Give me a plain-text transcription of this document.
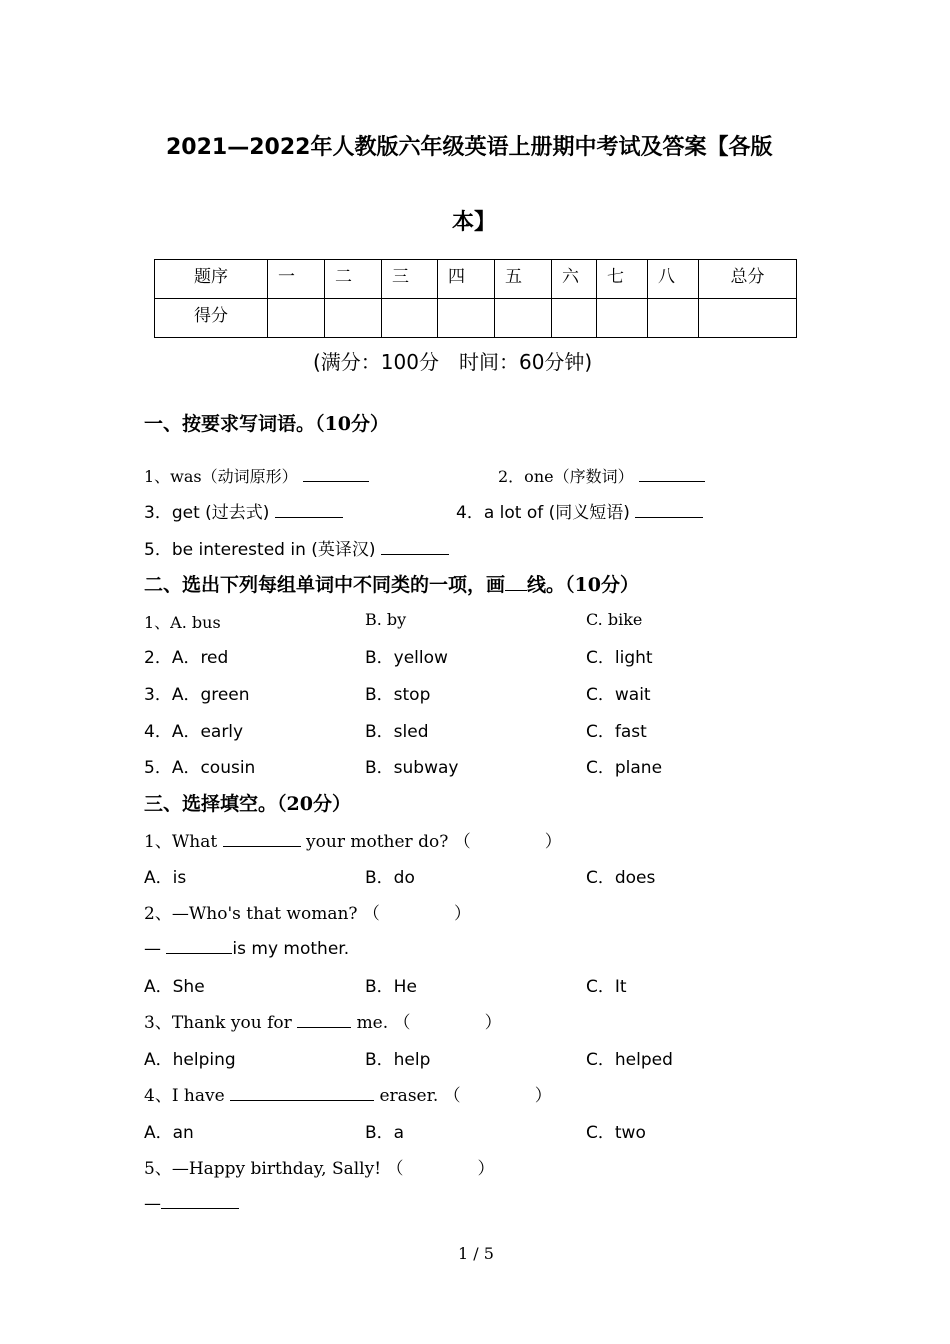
2021—2022年人教版六年级英语上册期中考试及答案【各版
本】
题序	一	二	三	四	五	六	七	八	总分
得分									
(满分：100分　时间：60分钟)
一、按要求写词语。（10分）
1、was（动词原形）	2．one（序数词）
3．get (过去式)	4．a lot of (同义短语)
5．be interested in (英译汉)
二、选出下列每组单词中不同类的一项，画 线。（10分）
1、A. bus	B. by	C. bike
2．A．red	B．yellow	C．light
3．A．green	B．stop	C．wait
4．A．early	B．sled	C．fast
5．A．cousin	B．subway	C．plane
三、选择填空。（20分）
1、What	your mother do? （	）
A．is	B．do	C．does
2、—Who's that woman? （	）
—	is my mother.
A．She	B．He	C．It
3、Thank you for	me. （	）
A．helping	B．help	C．helped
4、I have	eraser. （	）
A．an	B．a	C．two
5、—Happy birthday, Sally! （	）
—
1 / 5
